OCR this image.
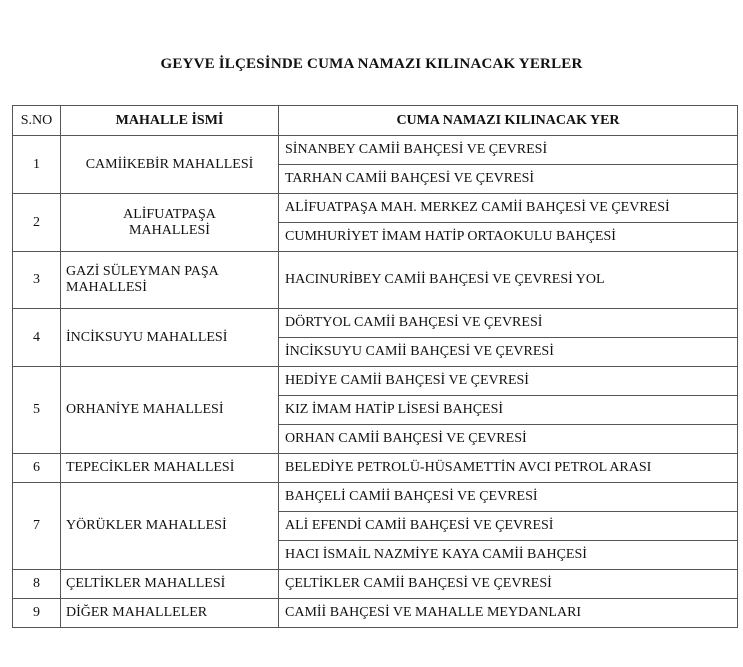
GEYVE İLÇESİNDE CUMA NAMAZI KILINACAK YERLER
S.NO	MAHALLE İSMİ	CUMA NAMAZI KILINACAK YER
1	CAMİİKEBİR MAHALLESİ	SİNANBEY CAMİİ BAHÇESİ VE ÇEVRESİ
		TARHAN CAMİİ BAHÇESİ VE ÇEVRESİ
2	ALİFUATPAŞA MAHALLESİ	ALİFUATPAŞA MAH. MERKEZ CAMİİ BAHÇESİ VE ÇEVRESİ
		CUMHURİYET İMAM HATİP ORTAOKULU BAHÇESİ
3	GAZİ SÜLEYMAN PAŞA MAHALLESİ	HACINURİBEY CAMİİ BAHÇESİ VE ÇEVRESİ YOL
4	İNCİKSUYU MAHALLESİ	DÖRTYOL CAMİİ BAHÇESİ VE ÇEVRESİ
		İNCİKSUYU CAMİİ BAHÇESİ VE ÇEVRESİ
5	ORHANİYE MAHALLESİ	HEDİYE CAMİİ BAHÇESİ VE ÇEVRESİ
		KIZ İMAM HATİP LİSESİ BAHÇESİ
		ORHAN CAMİİ BAHÇESİ VE ÇEVRESİ
6	TEPECİKLER MAHALLESİ	BELEDİYE PETROLÜ-HÜSAMETTİN AVCI PETROL ARASI
7	YÖRÜKLER MAHALLESİ	BAHÇELİ CAMİİ BAHÇESİ VE ÇEVRESİ
		ALİ EFENDİ CAMİİ BAHÇESİ VE ÇEVRESİ
		HACI İSMAİL NAZMİYE KAYA CAMİİ BAHÇESİ
8	ÇELTİKLER MAHALLESİ	ÇELTİKLER CAMİİ BAHÇESİ VE ÇEVRESİ
9	DİĞER MAHALLELER	CAMİİ BAHÇESİ VE MAHALLE MEYDANLARI
